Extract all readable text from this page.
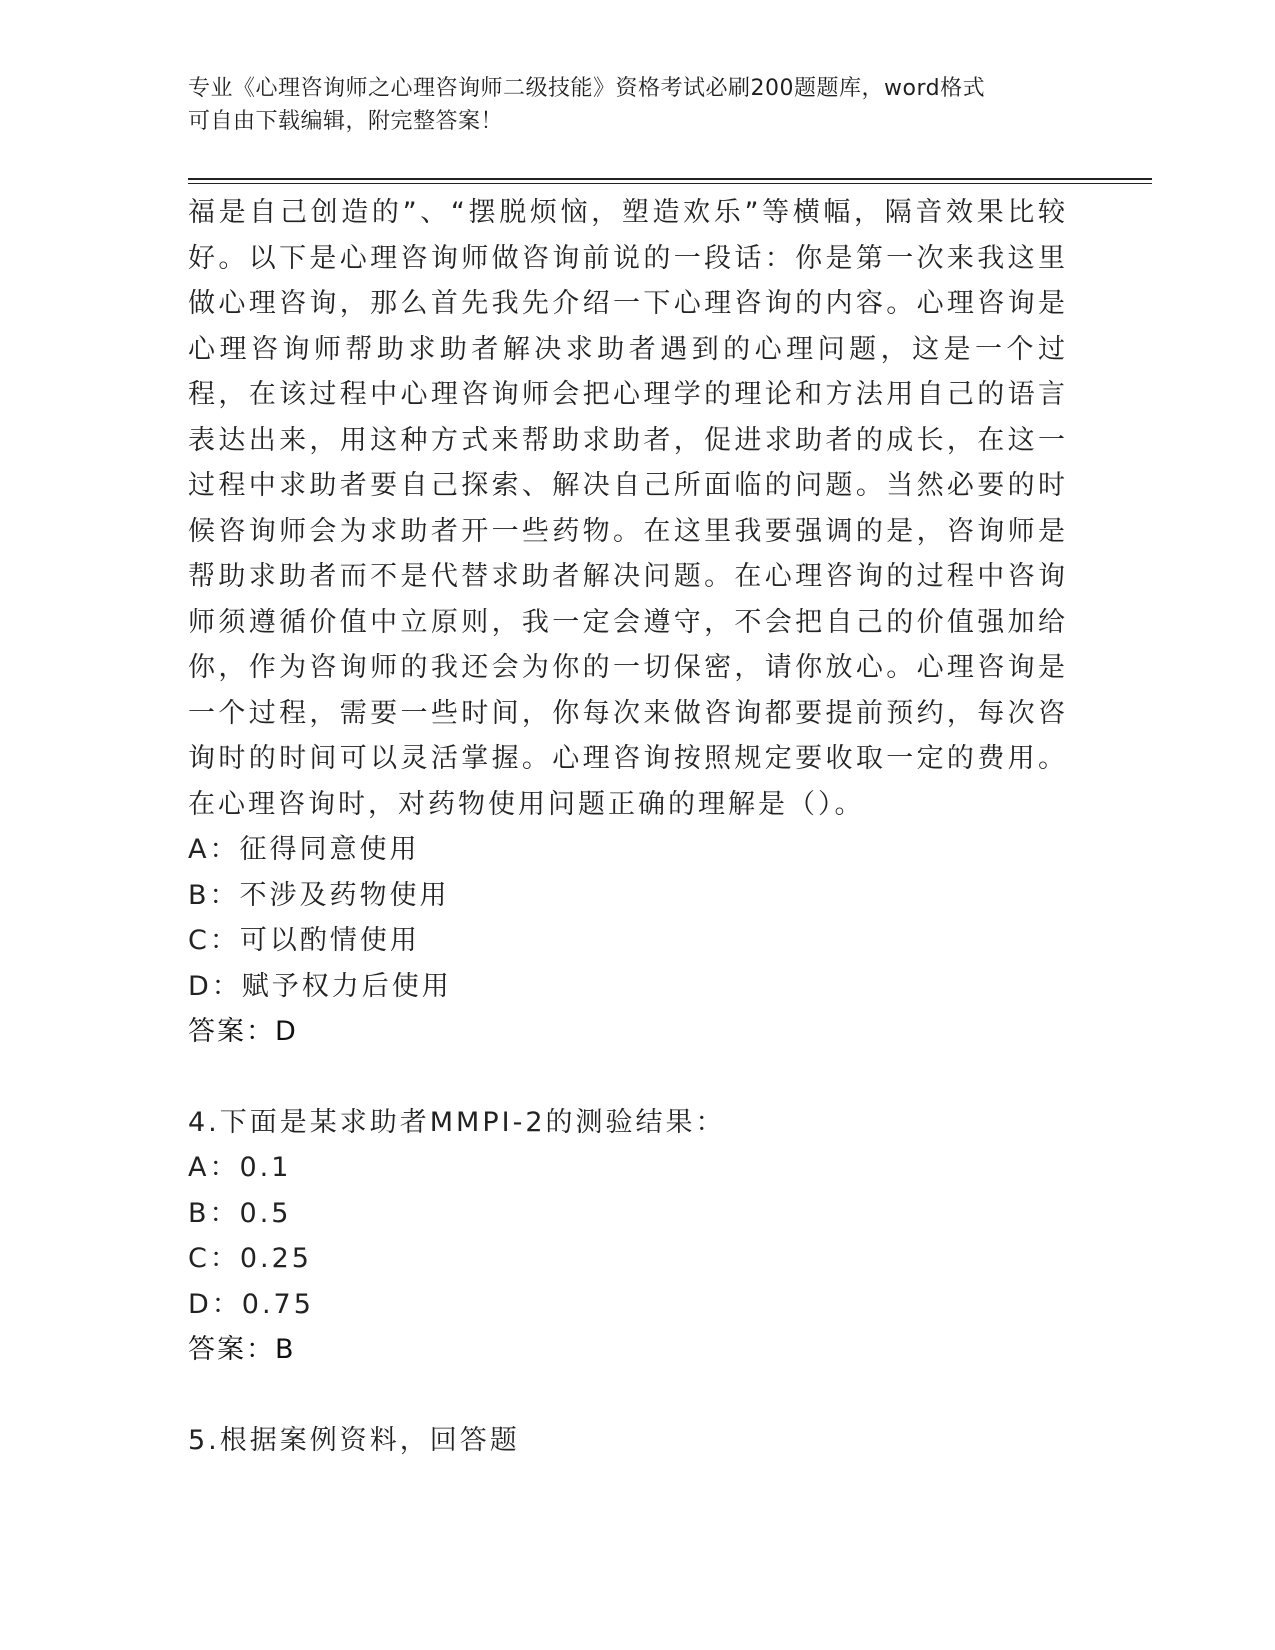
专业《心理咨询师之心理咨询师二级技能》资格考试必刷200题题库，word格式
可自由下载编辑，附完整答案！

福是自己创造的”、“摆脱烦恼，塑造欢乐”等横幅，隔音效果比较好。以下是心理咨询师做咨询前说的一段话：你是第一次来我这里做心理咨询，那么首先我先介绍一下心理咨询的内容。心理咨询是心理咨询师帮助求助者解决求助者遇到的心理问题，这是一个过程，在该过程中心理咨询师会把心理学的理论和方法用自己的语言表达出来，用这种方式来帮助求助者，促进求助者的成长，在这一过程中求助者要自己探索、解决自己所面临的问题。当然必要的时候咨询师会为求助者开一些药物。在这里我要强调的是，咨询师是帮助求助者而不是代替求助者解决问题。在心理咨询的过程中咨询师须遵循价值中立原则，我一定会遵守，不会把自己的价值强加给你，作为咨询师的我还会为你的一切保密，请你放心。心理咨询是一个过程，需要一些时间，你每次来做咨询都要提前预约，每次咨询时的时间可以灵活掌握。心理咨询按照规定要收取一定的费用。在心理咨询时，对药物使用问题正确的理解是（）。

A：征得同意使用

B：不涉及药物使用

C：可以酌情使用

D：赋予权力后使用

答案：D

4.下面是某求助者MMPI-2的测验结果：

A：0.1

B：0.5

C：0.25

D：0.75

答案：B

5.根据案例资料，回答题
